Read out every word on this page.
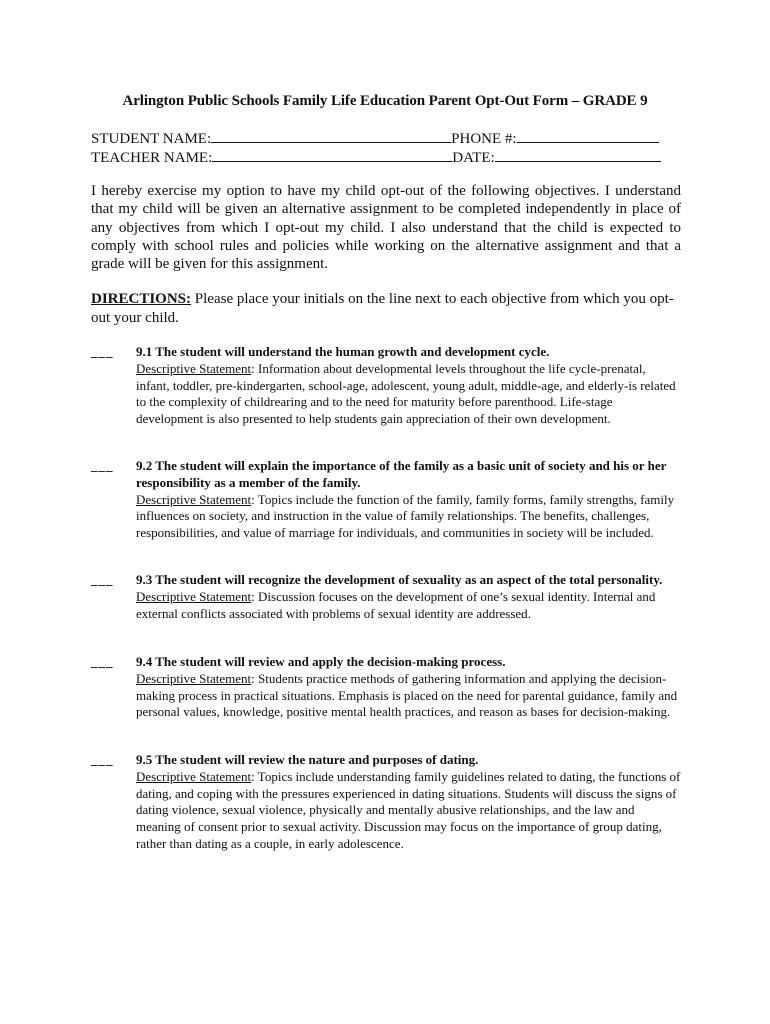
Arlington Public Schools Family Life Education Parent Opt-Out Form – GRADE 9
STUDENT NAME:	PHONE #:
TEACHER NAME:	DATE:
I hereby exercise my option to have my child opt-out of the following objectives. I understand that my child will be given an alternative assignment to be completed independently in place of any objectives from which I opt-out my child. I also understand that the child is expected to comply with school rules and policies while working on the alternative assignment and that a grade will be given for this assignment.
DIRECTIONS: Please place your initials on the line next to each objective from which you opt-out your child.
___ 9.1 The student will understand the human growth and development cycle.
Descriptive Statement: Information about developmental levels throughout the life cycle-prenatal, infant, toddler, pre-kindergarten, school-age, adolescent, young adult, middle-age, and elderly-is related to the complexity of childrearing and to the need for maturity before parenthood. Life-stage development is also presented to help students gain appreciation of their own development.
___ 9.2 The student will explain the importance of the family as a basic unit of society and his or her responsibility as a member of the family.
Descriptive Statement: Topics include the function of the family, family forms, family strengths, family influences on society, and instruction in the value of family relationships. The benefits, challenges, responsibilities, and value of marriage for individuals, and communities in society will be included.
___ 9.3 The student will recognize the development of sexuality as an aspect of the total personality.
Descriptive Statement: Discussion focuses on the development of one’s sexual identity. Internal and external conflicts associated with problems of sexual identity are addressed.
___ 9.4 The student will review and apply the decision-making process.
Descriptive Statement: Students practice methods of gathering information and applying the decision-making process in practical situations. Emphasis is placed on the need for parental guidance, family and personal values, knowledge, positive mental health practices, and reason as bases for decision-making.
___ 9.5 The student will review the nature and purposes of dating.
Descriptive Statement: Topics include understanding family guidelines related to dating, the functions of dating, and coping with the pressures experienced in dating situations. Students will discuss the signs of dating violence, sexual violence, physically and mentally abusive relationships, and the law and meaning of consent prior to sexual activity. Discussion may focus on the importance of group dating, rather than dating as a couple, in early adolescence.
